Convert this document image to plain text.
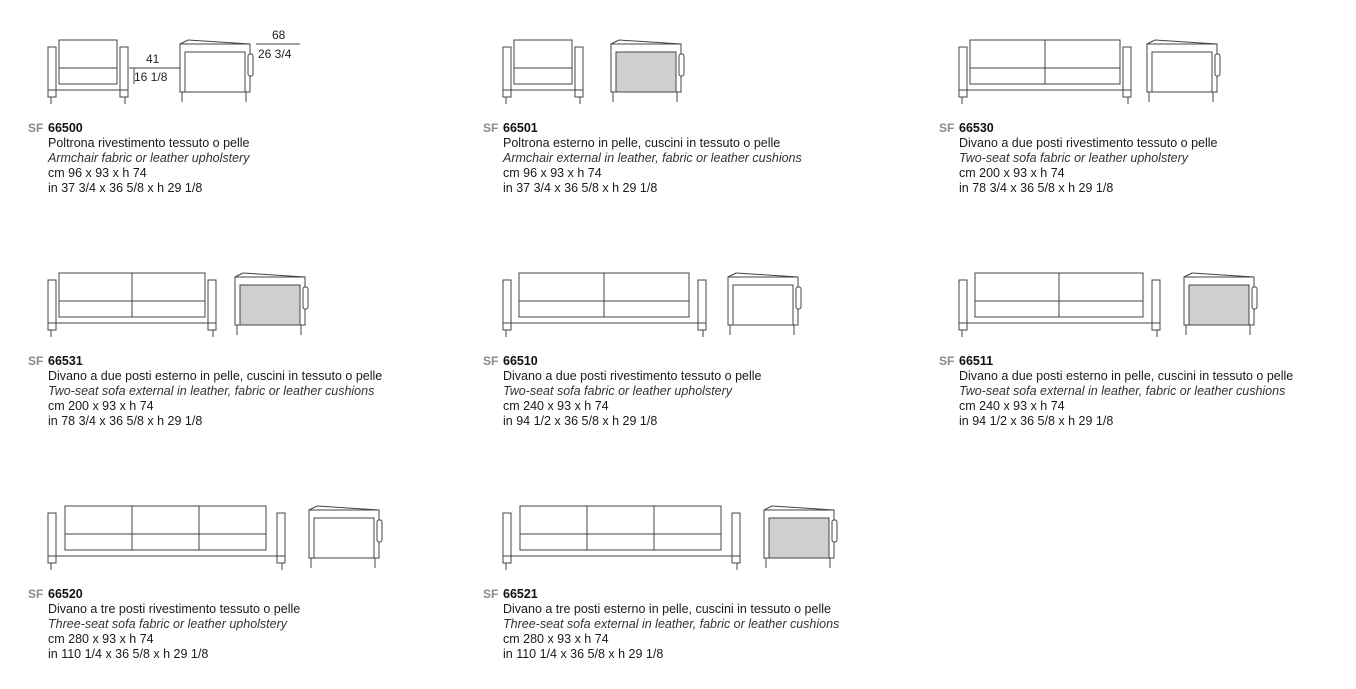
41
16 1/8
68
26 3/4
SF 66500
Poltrona rivestimento tessuto o pelle
Armchair fabric or leather upholstery
cm 96 x 93 x h 74
in 37 3/4 x 36 5/8 x h 29 1/8
SF 66501
Poltrona esterno in pelle, cuscini in tessuto o pelle
Armchair external in leather, fabric or leather cushions
cm 96 x 93 x h 74
in 37 3/4 x 36 5/8 x h 29 1/8
SF 66530
Divano a due posti rivestimento tessuto o pelle
Two-seat sofa fabric or leather upholstery
cm 200 x 93 x h 74
in 78 3/4 x 36 5/8 x h 29 1/8
SF 66531
Divano a due posti esterno in pelle, cuscini in tessuto o pelle
Two-seat sofa external in leather, fabric or leather cushions
cm 200 x 93 x h 74
in 78 3/4 x 36 5/8 x h 29 1/8
SF 66510
Divano a due posti rivestimento tessuto o pelle
Two-seat sofa fabric or leather upholstery
cm 240 x 93 x h 74
in 94 1/2 x 36 5/8 x h 29 1/8
SF 66511
Divano a due posti esterno in pelle, cuscini in tessuto o pelle
Two-seat sofa external in leather, fabric or leather cushions
cm 240 x 93 x h 74
in 94 1/2 x 36 5/8 x h 29 1/8
SF 66520
Divano a tre posti rivestimento tessuto o pelle
Three-seat sofa fabric or leather upholstery
cm 280 x 93 x h 74
in 110 1/4 x 36 5/8 x h 29 1/8
SF 66521
Divano a tre posti esterno in pelle, cuscini in tessuto o pelle
Three-seat sofa external in leather, fabric or leather cushions
cm 280 x 93 x h 74
in 110 1/4 x 36 5/8 x h 29 1/8
